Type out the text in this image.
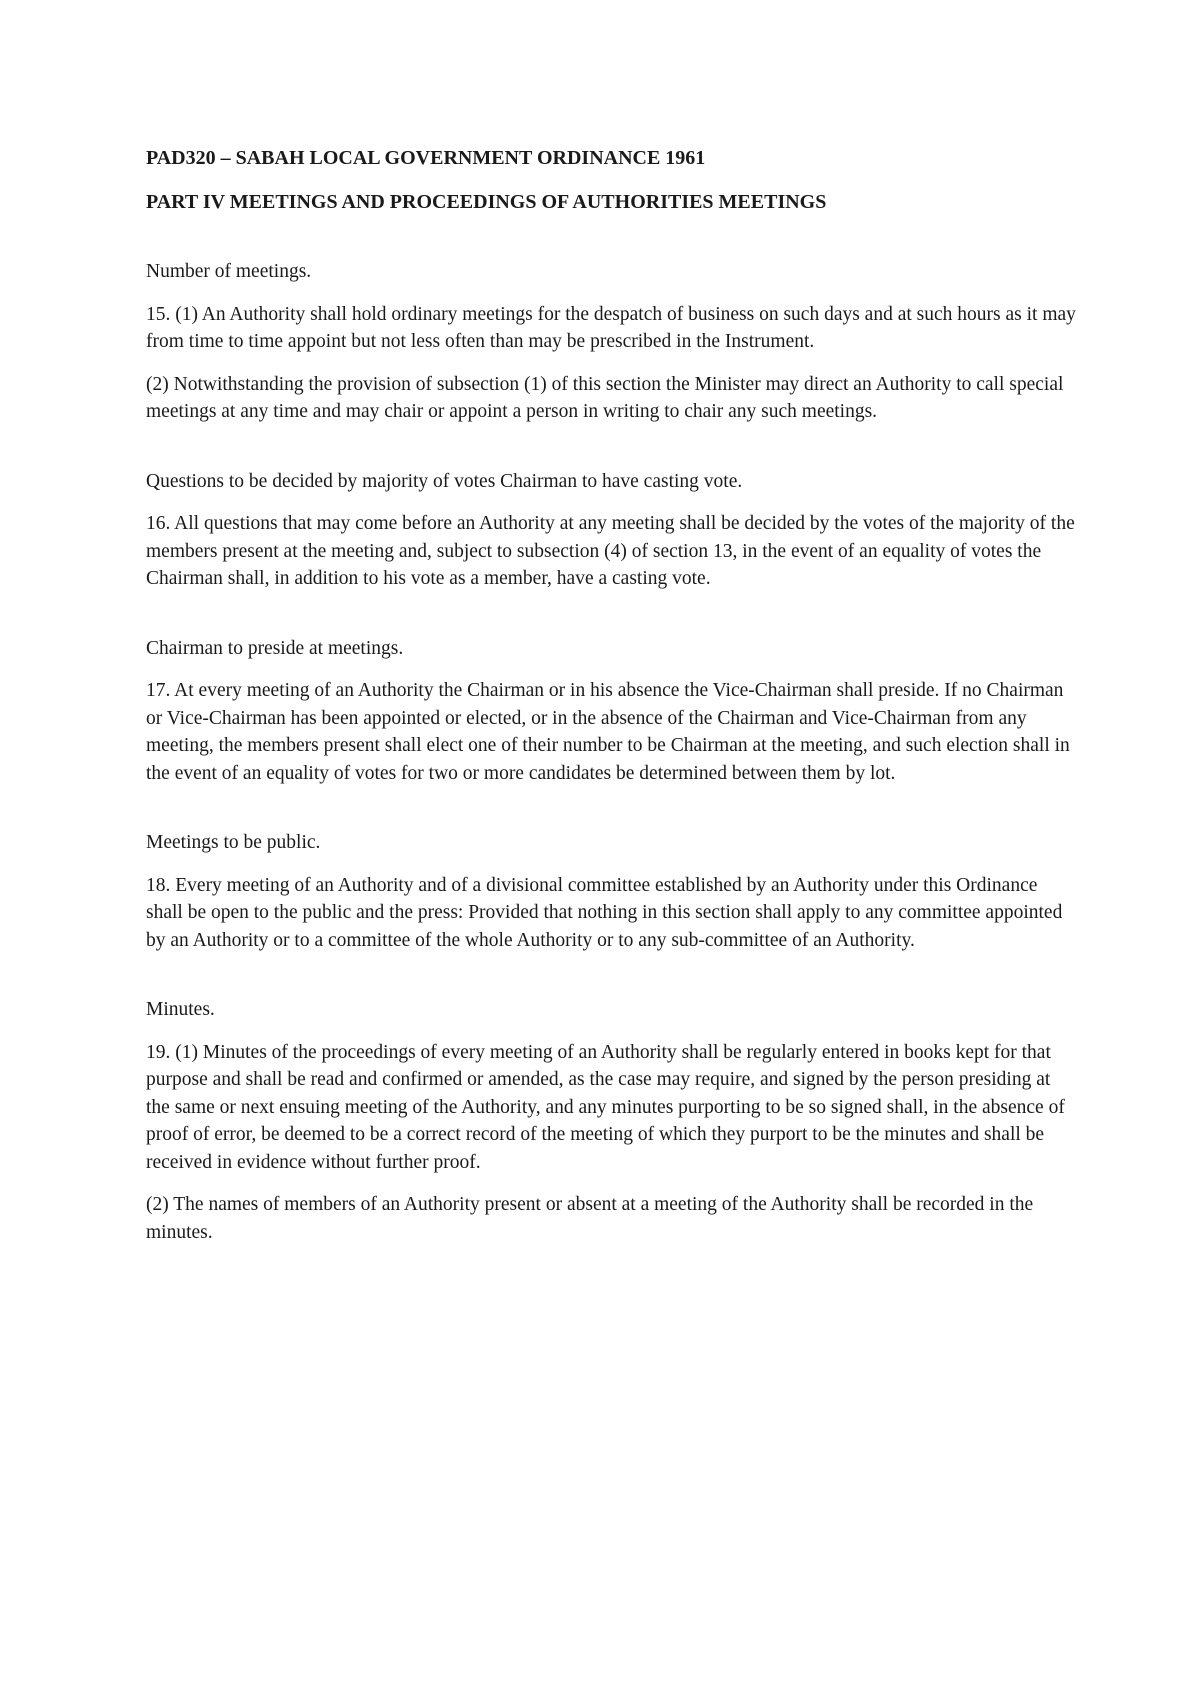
PAD320 – SABAH LOCAL GOVERNMENT ORDINANCE 1961

PART IV MEETINGS AND PROCEEDINGS OF AUTHORITIES MEETINGS

Number of meetings.

15. (1) An Authority shall hold ordinary meetings for the despatch of business on such days and at such hours as it may from time to time appoint but not less often than may be prescribed in the Instrument.

(2) Notwithstanding the provision of subsection (1) of this section the Minister may direct an Authority to call special meetings at any time and may chair or appoint a person in writing to chair any such meetings.

Questions to be decided by majority of votes Chairman to have casting vote.

16. All questions that may come before an Authority at any meeting shall be decided by the votes of the majority of the members present at the meeting and, subject to subsection (4) of section 13, in the event of an equality of votes the Chairman shall, in addition to his vote as a member, have a casting vote.

Chairman to preside at meetings.

17. At every meeting of an Authority the Chairman or in his absence the Vice-Chairman shall preside. If no Chairman or Vice-Chairman has been appointed or elected, or in the absence of the Chairman and Vice-Chairman from any meeting, the members present shall elect one of their number to be Chairman at the meeting, and such election shall in the event of an equality of votes for two or more candidates be determined between them by lot.

Meetings to be public.

18. Every meeting of an Authority and of a divisional committee established by an Authority under this Ordinance shall be open to the public and the press: Provided that nothing in this section shall apply to any committee appointed by an Authority or to a committee of the whole Authority or to any sub-committee of an Authority.

Minutes.

19. (1) Minutes of the proceedings of every meeting of an Authority shall be regularly entered in books kept for that purpose and shall be read and confirmed or amended, as the case may require, and signed by the person presiding at the same or next ensuing meeting of the Authority, and any minutes purporting to be so signed shall, in the absence of proof of error, be deemed to be a correct record of the meeting of which they purport to be the minutes and shall be received in evidence without further proof.

(2) The names of members of an Authority present or absent at a meeting of the Authority shall be recorded in the minutes.
